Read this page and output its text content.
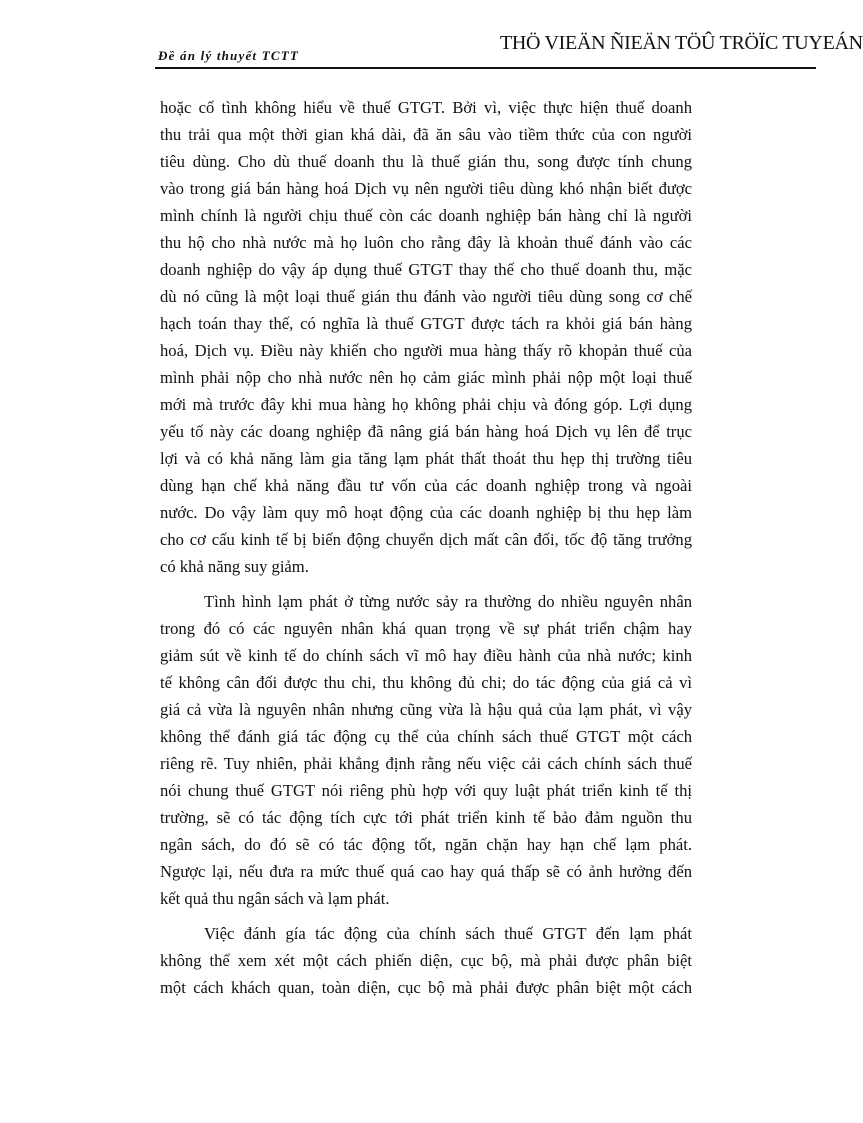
Đề án lý thuyết TCTT
THÖ VIEÄN ÑIEÄN TÖÛ TRÖÏC TUYEÁN
hoặc cố tình không hiểu về thuế GTGT. Bởi vì, việc thực hiện thuế doanh
thu trải qua một thời gian khá dài, đã ăn sâu vào tiềm thức của con người
tiêu dùng. Cho dù thuế doanh thu là thuế gián thu, song được tính chung
vào trong giá bán hàng hoá Dịch vụ nên người tiêu dùng khó nhận biết được
mình chính là người chịu thuế còn các doanh nghiệp bán hàng chỉ là người
thu hộ cho nhà nước mà họ luôn cho rằng đây là khoản thuế đánh vào các
doanh nghiệp do vậy áp dụng thuế GTGT thay thế cho thuế doanh thu, mặc
dù nó cũng là một loại thuế gián thu đánh vào người tiêu dùng song cơ chế
hạch toán thay thế, có nghĩa là thuế GTGT được tách ra khỏi giá bán hàng
hoá, Dịch vụ. Điều này khiến cho người mua hàng thấy rõ khopản thuế của
mình phải nộp cho nhà nước nên họ cảm giác mình phải nộp một loại thuế
mới mà trước đây khi mua hàng họ không phải chịu và đóng góp. Lợi dụng
yếu tố này các doang nghiệp đã nâng giá bán hàng hoá Dịch vụ lên để trục
lợi và có khả năng làm gia tăng lạm phát thất thoát thu hẹp thị trường tiêu
dùng hạn chế khả năng đầu tư vốn của các doanh nghiệp trong và ngoài
nước. Do vậy làm quy mô hoạt động của các doanh nghiệp bị thu hẹp làm
cho cơ cấu kinh tế bị biến động chuyển dịch mất cân đối, tốc độ tăng trưởng
có khả năng suy giảm.
Tình hình lạm phát ở từng nước sảy ra thường do nhiều nguyên nhân
trong đó có các nguyên nhân khá quan trọng về sự phát triển chậm hay
giảm sút về kinh tế do chính sách vĩ mô hay điều hành của nhà nước; kinh
tế không cân đối được thu chi, thu không đủ chi; do tác động của giá cả vì
giá cả vừa là nguyên nhân nhưng cũng vừa là hậu quả của lạm phát, vì vậy
không thể đánh giá tác động cụ thể của chính sách thuế GTGT một cách
riêng rẽ. Tuy nhiên, phải khẳng định rằng nếu việc cải cách chính sách thuế
nói chung thuế GTGT nói riêng phù hợp với quy luật phát triển kinh tế thị
trường, sẽ có tác động tích cực tới phát triển kinh tế bảo đảm nguồn thu
ngân sách, do đó sẽ có tác động tốt, ngăn chặn hay hạn chế lạm phát.
Ngược lại, nếu đưa ra mức thuế quá cao hay quá thấp sẽ có ảnh hưởng đến
kết quả thu ngân sách và lạm phát.
Việc đánh gía tác động của chính sách thuế GTGT đến lạm phát
không thể xem xét một cách phiến diện, cục bộ, mà phải được phân biệt
một cách khách quan, toàn diện, cục bộ mà phải được phân biệt một cách
